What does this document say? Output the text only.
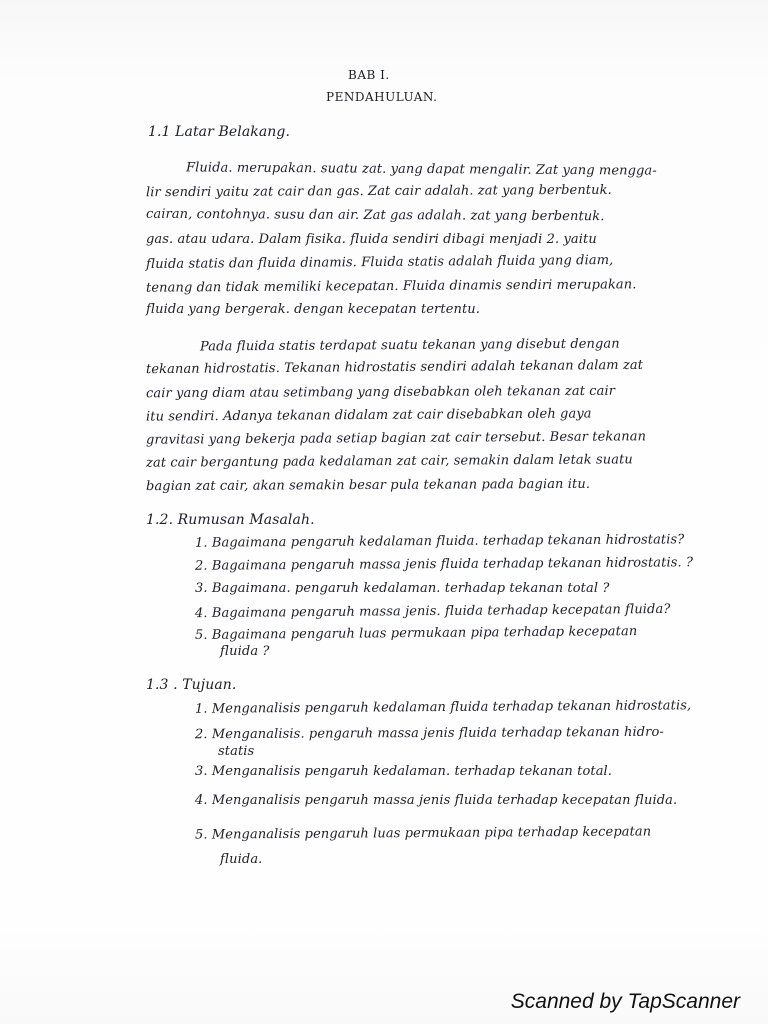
BAB I.
PENDAHULUAN.
1.1 Latar Belakang.
Fluida. merupakan. suatu zat. yang dapat mengalir. Zat yang mengga-
lir sendiri yaitu zat cair dan gas. Zat cair adalah. zat yang berbentuk.
cairan, contohnya. susu dan air. Zat gas adalah. zat yang berbentuk.
gas. atau udara. Dalam fisika. fluida sendiri dibagi menjadi 2. yaitu
fluida statis dan fluida dinamis. Fluida statis adalah fluida yang diam,
tenang dan tidak memiliki kecepatan. Fluida dinamis sendiri merupakan.
fluida yang bergerak. dengan kecepatan tertentu.
Pada fluida statis terdapat suatu tekanan yang disebut dengan
tekanan hidrostatis. Tekanan hidrostatis sendiri adalah tekanan dalam zat
cair yang diam atau setimbang yang disebabkan oleh tekanan zat cair
itu sendiri. Adanya tekanan didalam zat cair disebabkan oleh gaya
gravitasi yang bekerja pada setiap bagian zat cair tersebut. Besar tekanan
zat cair bergantung pada kedalaman zat cair, semakin dalam letak suatu
bagian zat cair, akan semakin besar pula tekanan pada bagian itu.
1.2. Rumusan Masalah.
1. Bagaimana pengaruh kedalaman fluida. terhadap tekanan hidrostatis?
2. Bagaimana pengaruh massa jenis fluida terhadap tekanan hidrostatis. ?
3. Bagaimana. pengaruh kedalaman. terhadap tekanan total ?
4. Bagaimana pengaruh massa jenis. fluida terhadap kecepatan fluida?
5. Bagaimana pengaruh luas permukaan pipa terhadap kecepatan
fluida ?
1.3 . Tujuan.
1. Menganalisis pengaruh kedalaman fluida terhadap tekanan hidrostatis,
2. Menganalisis. pengaruh massa jenis fluida terhadap tekanan hidro-
statis
3. Menganalisis pengaruh kedalaman. terhadap tekanan total.
4. Menganalisis pengaruh massa jenis fluida terhadap kecepatan fluida.
5. Menganalisis pengaruh luas permukaan pipa terhadap kecepatan
fluida.
Scanned by TapScanner
